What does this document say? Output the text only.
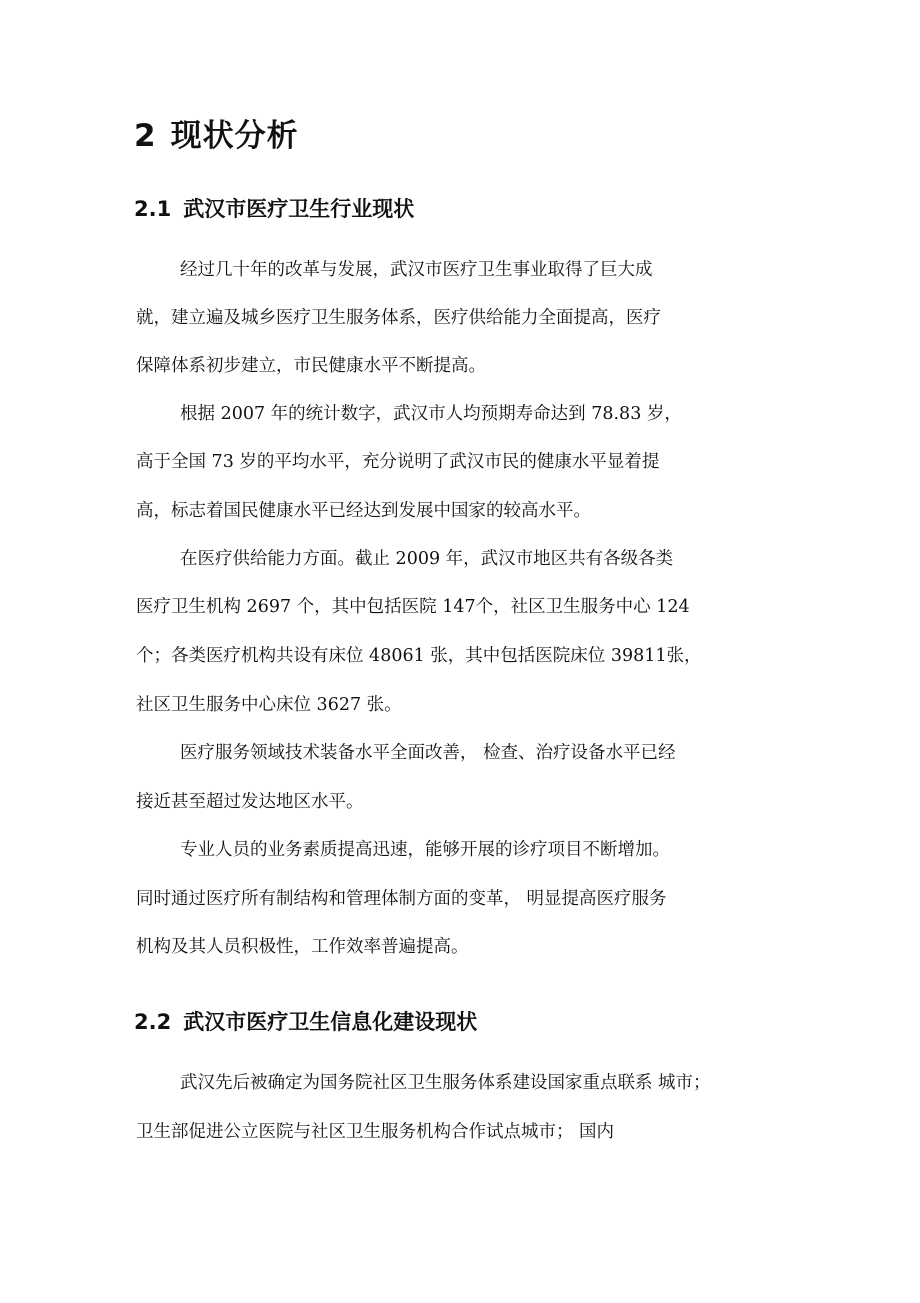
2 现状分析
2.1 武汉市医疗卫生行业现状

经过几十年的改革与发展，武汉市医疗卫生事业取得了巨大成

就，建立遍及城乡医疗卫生服务体系，医疗供给能力全面提高，医疗

保障体系初步建立，市民健康水平不断提高。

根据 2007 年的统计数字，武汉市人均预期寿命达到 78.83 岁，

高于全国 73 岁的平均水平，充分说明了武汉市民的健康水平显着提

高，标志着国民健康水平已经达到发展中国家的较高水平。

在医疗供给能力方面。截止 2009 年，武汉市地区共有各级各类

医疗卫生机构 2697 个，其中包括医院 147个，社区卫生服务中心 124

个；各类医疗机构共设有床位 48061 张，其中包括医院床位 39811张，

社区卫生服务中心床位 3627 张。

医疗服务领域技术装备水平全面改善， 检查、治疗设备水平已经

接近甚至超过发达地区水平。

专业人员的业务素质提高迅速，能够开展的诊疗项目不断增加。

同时通过医疗所有制结构和管理体制方面的变革， 明显提高医疗服务

机构及其人员积极性，工作效率普遍提高。

2.2 武汉市医疗卫生信息化建设现状

武汉先后被确定为国务院社区卫生服务体系建设国家重点联系 城市；

卫生部促进公立医院与社区卫生服务机构合作试点城市； 国内
